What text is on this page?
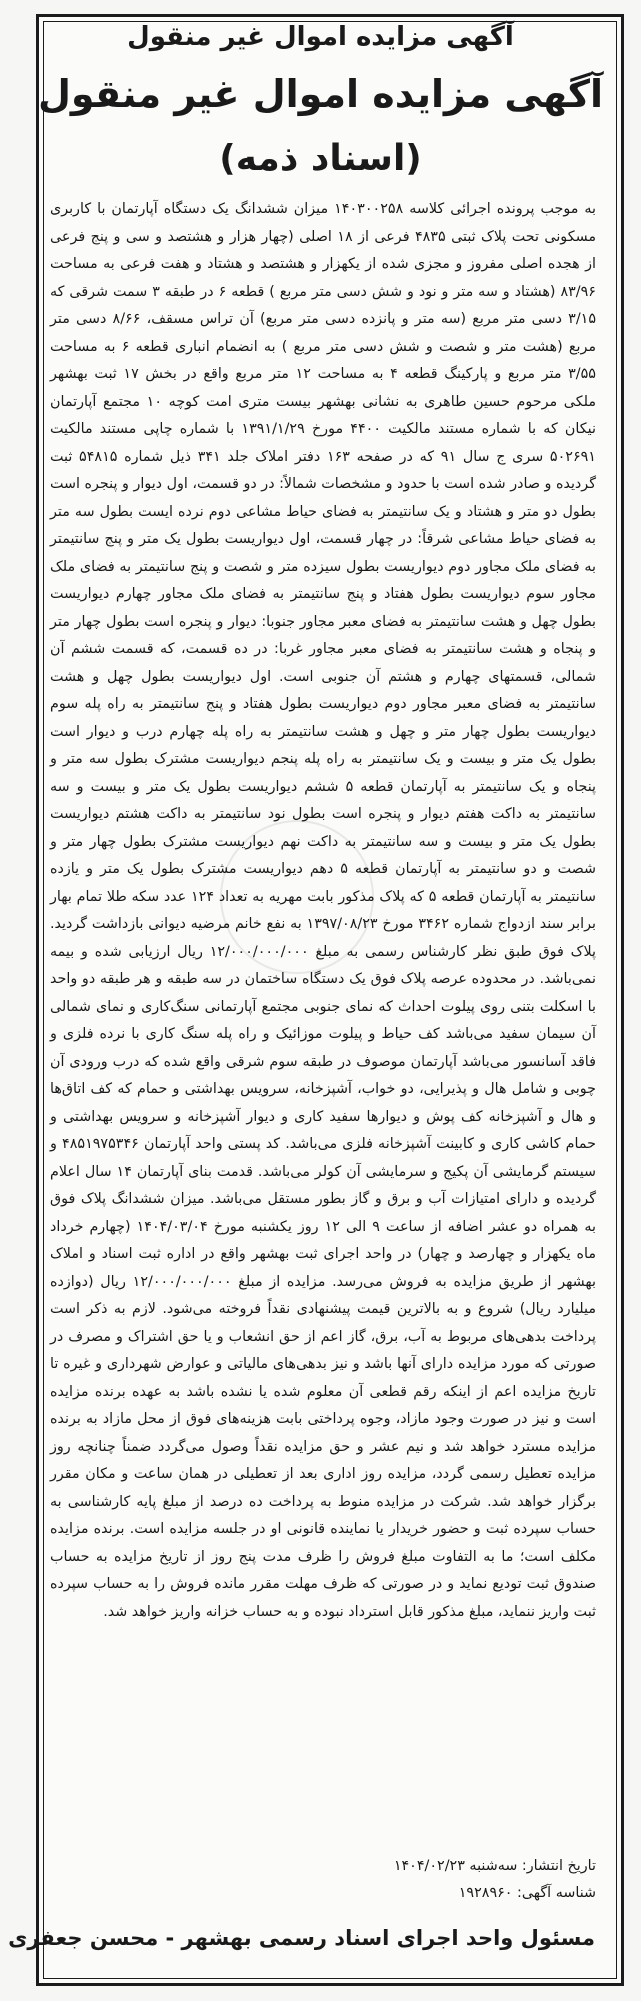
آگهی مزایده اموال غیر منقول
آگهی مزایده اموال غیر منقول
(اسناد ذمه)

به موجب پرونده اجرائی کلاسه ۱۴۰۳۰۰۲۵۸ میزان ششدانگ یک دستگاه آپارتمان با کاربری مسکونی تحت پلاک ثبتی ۴۸۳۵ فرعی از ۱۸ اصلی (چهار هزار و هشتصد و سی و پنج فرعی از هجده اصلی مفروز و مجزی شده از یکهزار و هشتصد و هشتاد و هفت فرعی به مساحت ۸۳/۹۶ (هشتاد و سه متر و نود و شش دسی متر مربع ) قطعه ۶ در طبقه ۳ سمت شرقی که ۳/۱۵ دسی متر مربع (سه متر و پانزده دسی متر مربع) آن تراس مسقف، ۸/۶۶ دسی متر مربع (هشت متر و شصت و شش دسی متر مربع ) به انضمام انباری قطعه ۶ به مساحت ۳/۵۵ متر مربع و پارکینگ قطعه ۴ به مساحت ۱۲ متر مربع واقع در بخش ۱۷ ثبت بهشهر ملکی مرحوم حسین طاهری به نشانی بهشهر بیست متری امت کوچه ۱۰ مجتمع آپارتمان نیکان که با شماره مستند مالکیت ۴۴۰۰ مورخ ۱۳۹۱/۱/۲۹ با شماره چاپی مستند مالکیت ۵۰۲۶۹۱ سری ج سال ۹۱ که در صفحه ۱۶۳ دفتر املاک جلد ۳۴۱ ذیل شماره ۵۴۸۱۵ ثبت گردیده و صادر شده است با حدود و مشخصات شمالاً: در دو قسمت، اول دیوار و پنجره است بطول دو متر و هشتاد و یک سانتیمتر به فضای حیاط مشاعی دوم نرده ایست بطول سه متر به فضای حیاط مشاعی شرقاً: در چهار قسمت، اول دیواریست بطول یک متر و پنج سانتیمتر به فضای ملک مجاور دوم دیواریست بطول سیزده متر و شصت و پنج سانتیمتر به فضای ملک مجاور سوم دیواریست بطول هفتاد و پنج سانتیمتر به فضای ملک مجاور چهارم دیواریست بطول چهل و هشت سانتیمتر به فضای معبر مجاور جنوبا: دیوار و پنجره است بطول چهار متر و پنجاه و هشت سانتیمتر به فضای معبر مجاور غربا: در ده قسمت، که قسمت ششم آن شمالی، قسمتهای چهارم و هشتم آن جنوبی است. اول دیواریست بطول چهل و هشت سانتیمتر به فضای معبر مجاور دوم دیواریست بطول هفتاد و پنج سانتیمتر به راه پله سوم دیواریست بطول چهار متر و چهل و هشت سانتیمتر به راه پله چهارم درب و دیوار است بطول یک متر و بیست و یک سانتیمتر به راه پله پنجم دیواریست مشترک بطول سه متر و پنجاه و یک سانتیمتر به آپارتمان قطعه ۵ ششم دیواریست بطول یک متر و بیست و سه سانتیمتر به داکت هفتم دیوار و پنجره است بطول نود سانتیمتر به داکت هشتم دیواریست بطول یک متر و بیست و سه سانتیمتر به داکت نهم دیواریست مشترک بطول چهار متر و شصت و دو سانتیمتر به آپارتمان قطعه ۵ دهم دیواریست مشترک بطول یک متر و یازده سانتیمتر به آپارتمان قطعه ۵ که پلاک مذکور بابت مهریه به تعداد ۱۲۴ عدد سکه طلا تمام بهار برابر سند ازدواج شماره ۳۴۶۲ مورخ ۱۳۹۷/۰۸/۲۳ به نفع خانم مرضیه دیوانی بازداشت گردید. پلاک فوق طبق نظر کارشناس رسمی به مبلغ ۱۲/۰۰۰/۰۰۰/۰۰۰ ریال ارزیابی شده و بیمه نمی‌باشد. در محدوده عرصه پلاک فوق یک دستگاه ساختمان در سه طبقه و هر طبقه دو واحد با اسکلت بتنی روی پیلوت احداث که نمای جنوبی مجتمع آپارتمانی سنگ‌کاری و نمای شمالی آن سیمان سفید می‌باشد کف حیاط و پیلوت موزائیک و راه پله سنگ کاری با نرده فلزی و فاقد آسانسور می‌باشد آپارتمان موصوف در طبقه سوم شرقی واقع شده که درب ورودی آن چوبی و شامل هال و پذیرایی، دو خواب، آشپزخانه، سرویس بهداشتی و حمام که کف اتاق‌ها و هال و آشپزخانه کف پوش و دیوارها سفید کاری و دیوار آشپزخانه و سرویس بهداشتی و حمام کاشی کاری و کابینت آشپزخانه فلزی می‌باشد. کد پستی واحد آپارتمان ۴۸۵۱۹۷۵۳۴۶ و سیستم گرمایشی آن پکیج و سرمایشی آن کولر می‌باشد. قدمت بنای آپارتمان ۱۴ سال اعلام گردیده و دارای امتیازات آب و برق و گاز بطور مستقل می‌باشد. میزان ششدانگ پلاک فوق به همراه دو عشر اضافه از ساعت ۹ الی ۱۲ روز یکشنبه مورخ ۱۴۰۴/۰۳/۰۴ (چهارم خرداد ماه یکهزار و چهارصد و چهار) در واحد اجرای ثبت بهشهر واقع در اداره ثبت اسناد و املاک بهشهر از طریق مزایده به فروش می‌رسد. مزایده از مبلغ ۱۲/۰۰۰/۰۰۰/۰۰۰ ریال (دوازده میلیارد ریال) شروع و به بالاترین قیمت پیشنهادی نقداً فروخته می‌شود. لازم به ذکر است پرداخت بدهی‌های مربوط به آب، برق، گاز اعم از حق انشعاب و یا حق اشتراک و مصرف در صورتی که مورد مزایده دارای آنها باشد و نیز بدهی‌های مالیاتی و عوارض شهرداری و غیره تا تاریخ مزایده اعم از اینکه رقم قطعی آن معلوم شده یا نشده باشد به عهده برنده مزایده است و نیز در صورت وجود مازاد، وجوه پرداختی بابت هزینه‌های فوق از محل مازاد به برنده مزایده مسترد خواهد شد و نیم عشر و حق مزایده نقداً وصول می‌گردد ضمناً چنانچه روز مزایده تعطیل رسمی گردد، مزایده روز اداری بعد از تعطیلی در همان ساعت و مکان مقرر برگزار خواهد شد. شرکت در مزایده منوط به پرداخت ده درصد از مبلغ پایه کارشناسی به حساب سپرده ثبت و حضور خریدار یا نماینده قانونی او در جلسه مزایده است. برنده مزایده مکلف است؛ ما به التفاوت مبلغ فروش را ظرف مدت پنج روز از تاریخ مزایده به حساب صندوق ثبت تودیع نماید و در صورتی که ظرف مهلت مقرر مانده فروش را به حساب سپرده ثبت واریز ننماید، مبلغ مذکور قابل استرداد نبوده و به حساب خزانه واریز خواهد شد.

تاریخ انتشار: سه‌شنبه ۱۴۰۴/۰۲/۲۳
شناسه آگهی: ۱۹۲۸۹۶۰
مسئول واحد اجرای اسناد رسمی بهشهر - محسن جعفری
